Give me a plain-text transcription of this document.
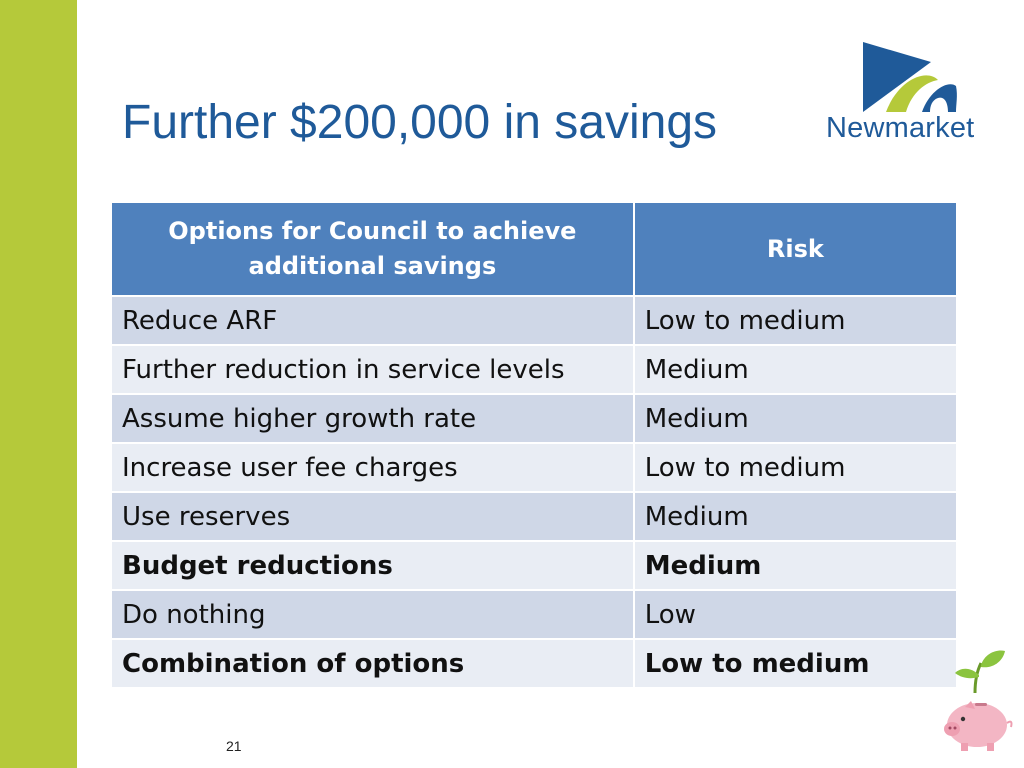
Further $200,000 in savings	Newmarket
Options for Council to achieve additional savings	Risk
Reduce ARF	Low to medium
Further reduction in service levels	Medium
Assume higher growth rate	Medium
Increase user fee charges	Low to medium
Use reserves	Medium
Budget reductions	Medium
Do nothing	Low
Combination of options	Low to medium
21
